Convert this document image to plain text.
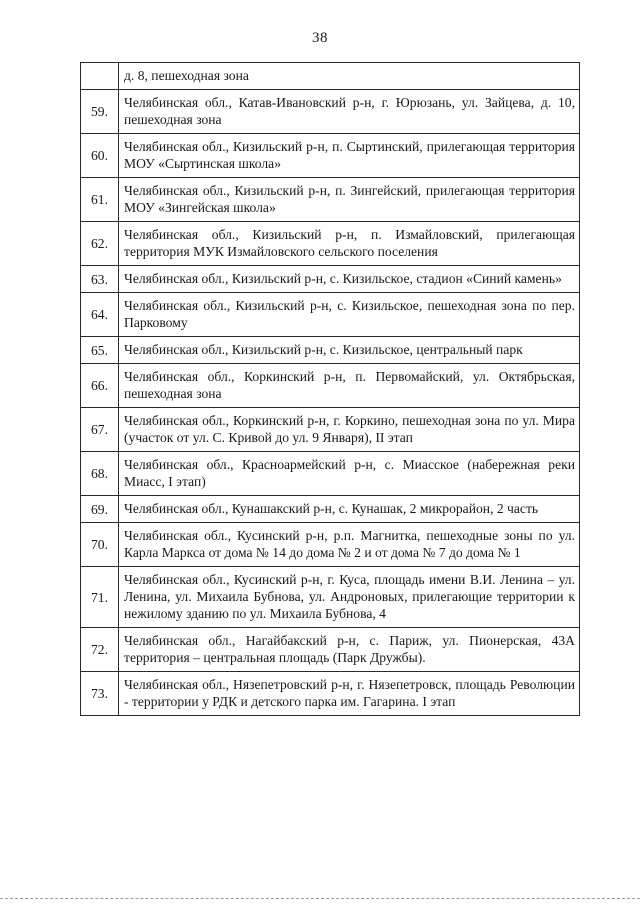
38
	д. 8, пешеходная зона
59.	Челябинская обл., Катав-Ивановский р-н, г. Юрюзань, ул. Зайцева, д. 10, пешеходная зона
60.	Челябинская обл., Кизильский р-н, п. Сыртинский, прилегающая территория МОУ «Сыртинская школа»
61.	Челябинская обл., Кизильский р-н, п. Зингейский, прилегающая территория МОУ «Зингейская школа»
62.	Челябинская обл., Кизильский р-н, п. Измайловский, прилегающая территория МУК Измайловского сельского поселения
63.	Челябинская обл., Кизильский р-н, с. Кизильское, стадион «Синий камень»
64.	Челябинская обл., Кизильский р-н, с. Кизильское, пешеходная зона по пер. Парковому
65.	Челябинская обл., Кизильский р-н, с. Кизильское, центральный парк
66.	Челябинская обл., Коркинский р-н, п. Первомайский, ул. Октябрьская, пешеходная зона
67.	Челябинская обл., Коркинский р-н, г. Коркино, пешеходная зона по ул. Мира (участок от ул. С. Кривой до ул. 9 Января), II этап
68.	Челябинская обл., Красноармейский р-н, с. Миасское (набережная реки Миасс, I этап)
69.	Челябинская обл., Кунашакский р-н, с. Кунашак, 2 микрорайон, 2 часть
70.	Челябинская обл., Кусинский р-н, р.п. Магнитка, пешеходные зоны по ул. Карла Маркса от дома № 14 до дома № 2 и от дома № 7 до дома № 1
71.	Челябинская обл., Кусинский р-н, г. Куса, площадь имени В.И. Ленина – ул. Ленина, ул. Михаила Бубнова, ул. Андроновых, прилегающие территории к нежилому зданию по ул. Михаила Бубнова, 4
72.	Челябинская обл., Нагайбакский р-н, с. Париж, ул. Пионерская, 43А территория – центральная площадь (Парк Дружбы).
73.	Челябинская обл., Нязепетровский р-н, г. Нязепетровск, площадь Революции - территории у РДК и детского парка им. Гагарина. I этап
